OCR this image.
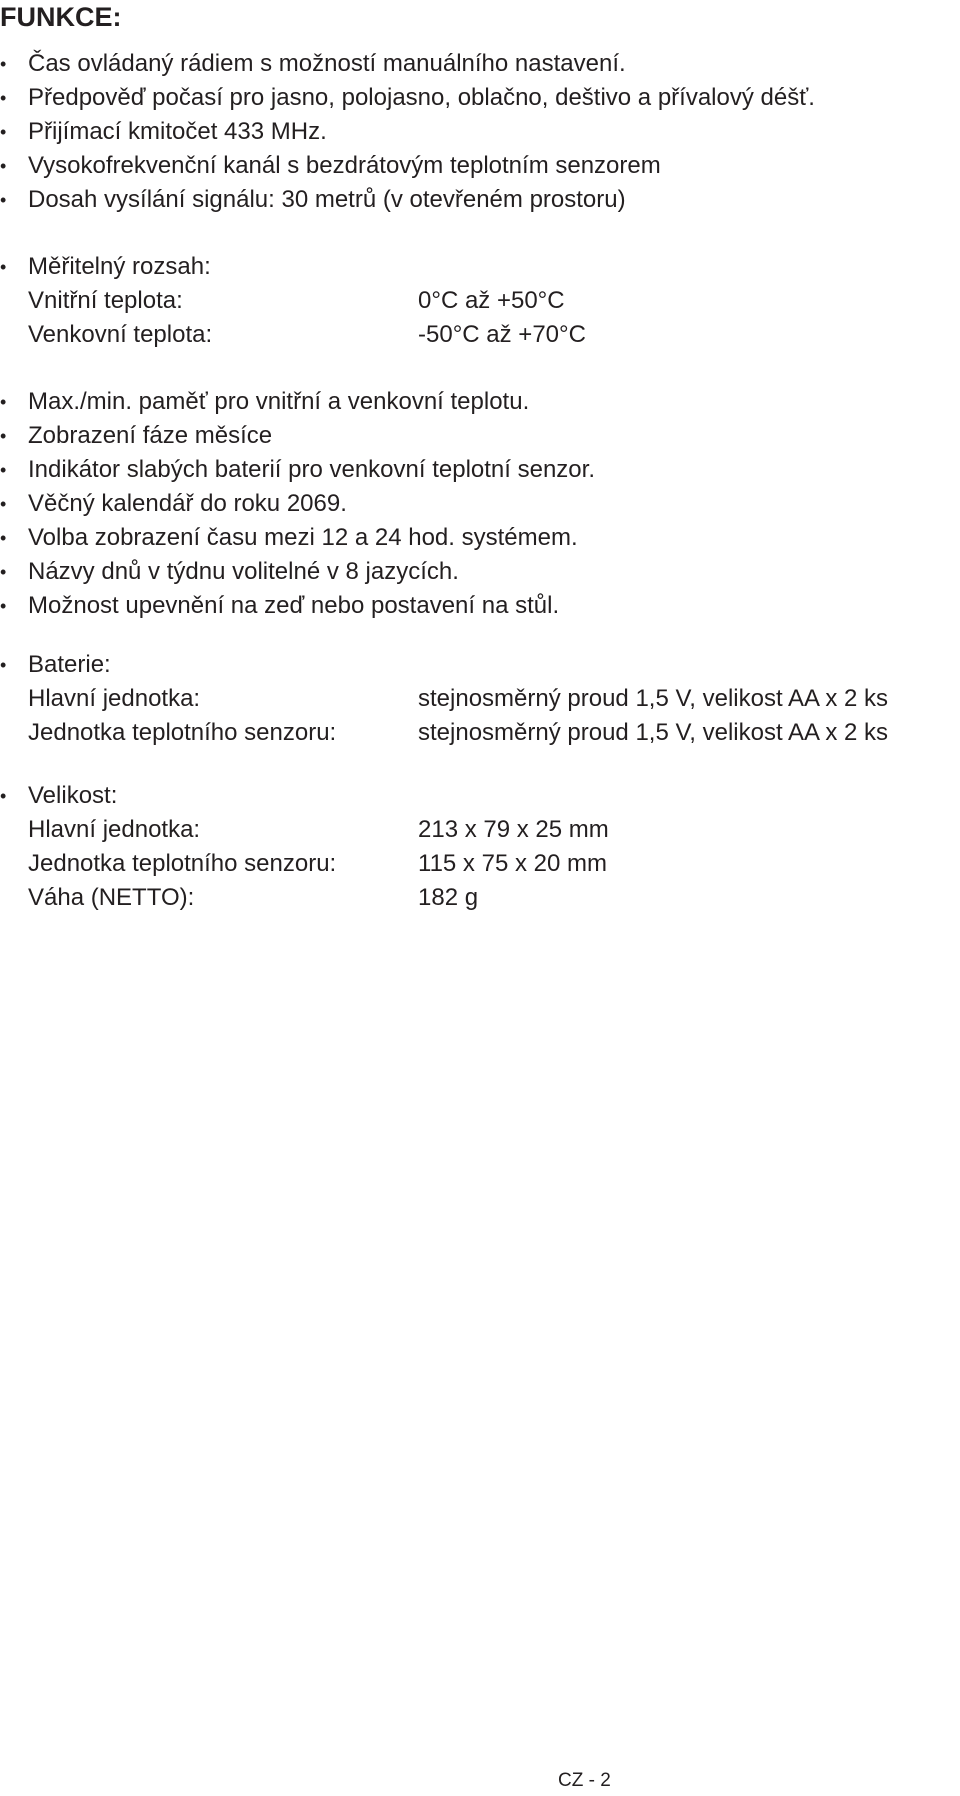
FUNKCE:
• Čas ovládaný rádiem s možností manuálního nastavení.
• Předpověď počasí pro jasno, polojasno, oblačno, deštivo a přívalový déšť.
• Přijímací kmitočet 433 MHz.
• Vysokofrekvenční kanál s bezdrátovým teplotním senzorem
• Dosah vysílání signálu: 30 metrů (v otevřeném prostoru)
• Měřitelný rozsah:
Vnitřní teplota:	0°C až +50°C
Venkovní teplota:	-50°C až +70°C
• Max./min. paměť pro vnitřní a venkovní teplotu.
• Zobrazení fáze měsíce
• Indikátor slabých baterií pro venkovní teplotní senzor.
• Věčný kalendář do roku 2069.
• Volba zobrazení času mezi 12 a 24 hod. systémem.
• Názvy dnů v týdnu volitelné v 8 jazycích.
• Možnost upevnění na zeď nebo postavení na stůl.
• Baterie:
Hlavní jednotka:	stejnosměrný proud 1,5 V, velikost AA x 2 ks
Jednotka teplotního senzoru:	stejnosměrný proud 1,5 V, velikost AA x 2 ks
• Velikost:
Hlavní jednotka:	213 x 79 x 25 mm
Jednotka teplotního senzoru:	115 x 75 x 20 mm
Váha (NETTO):	182 g
CZ - 2
